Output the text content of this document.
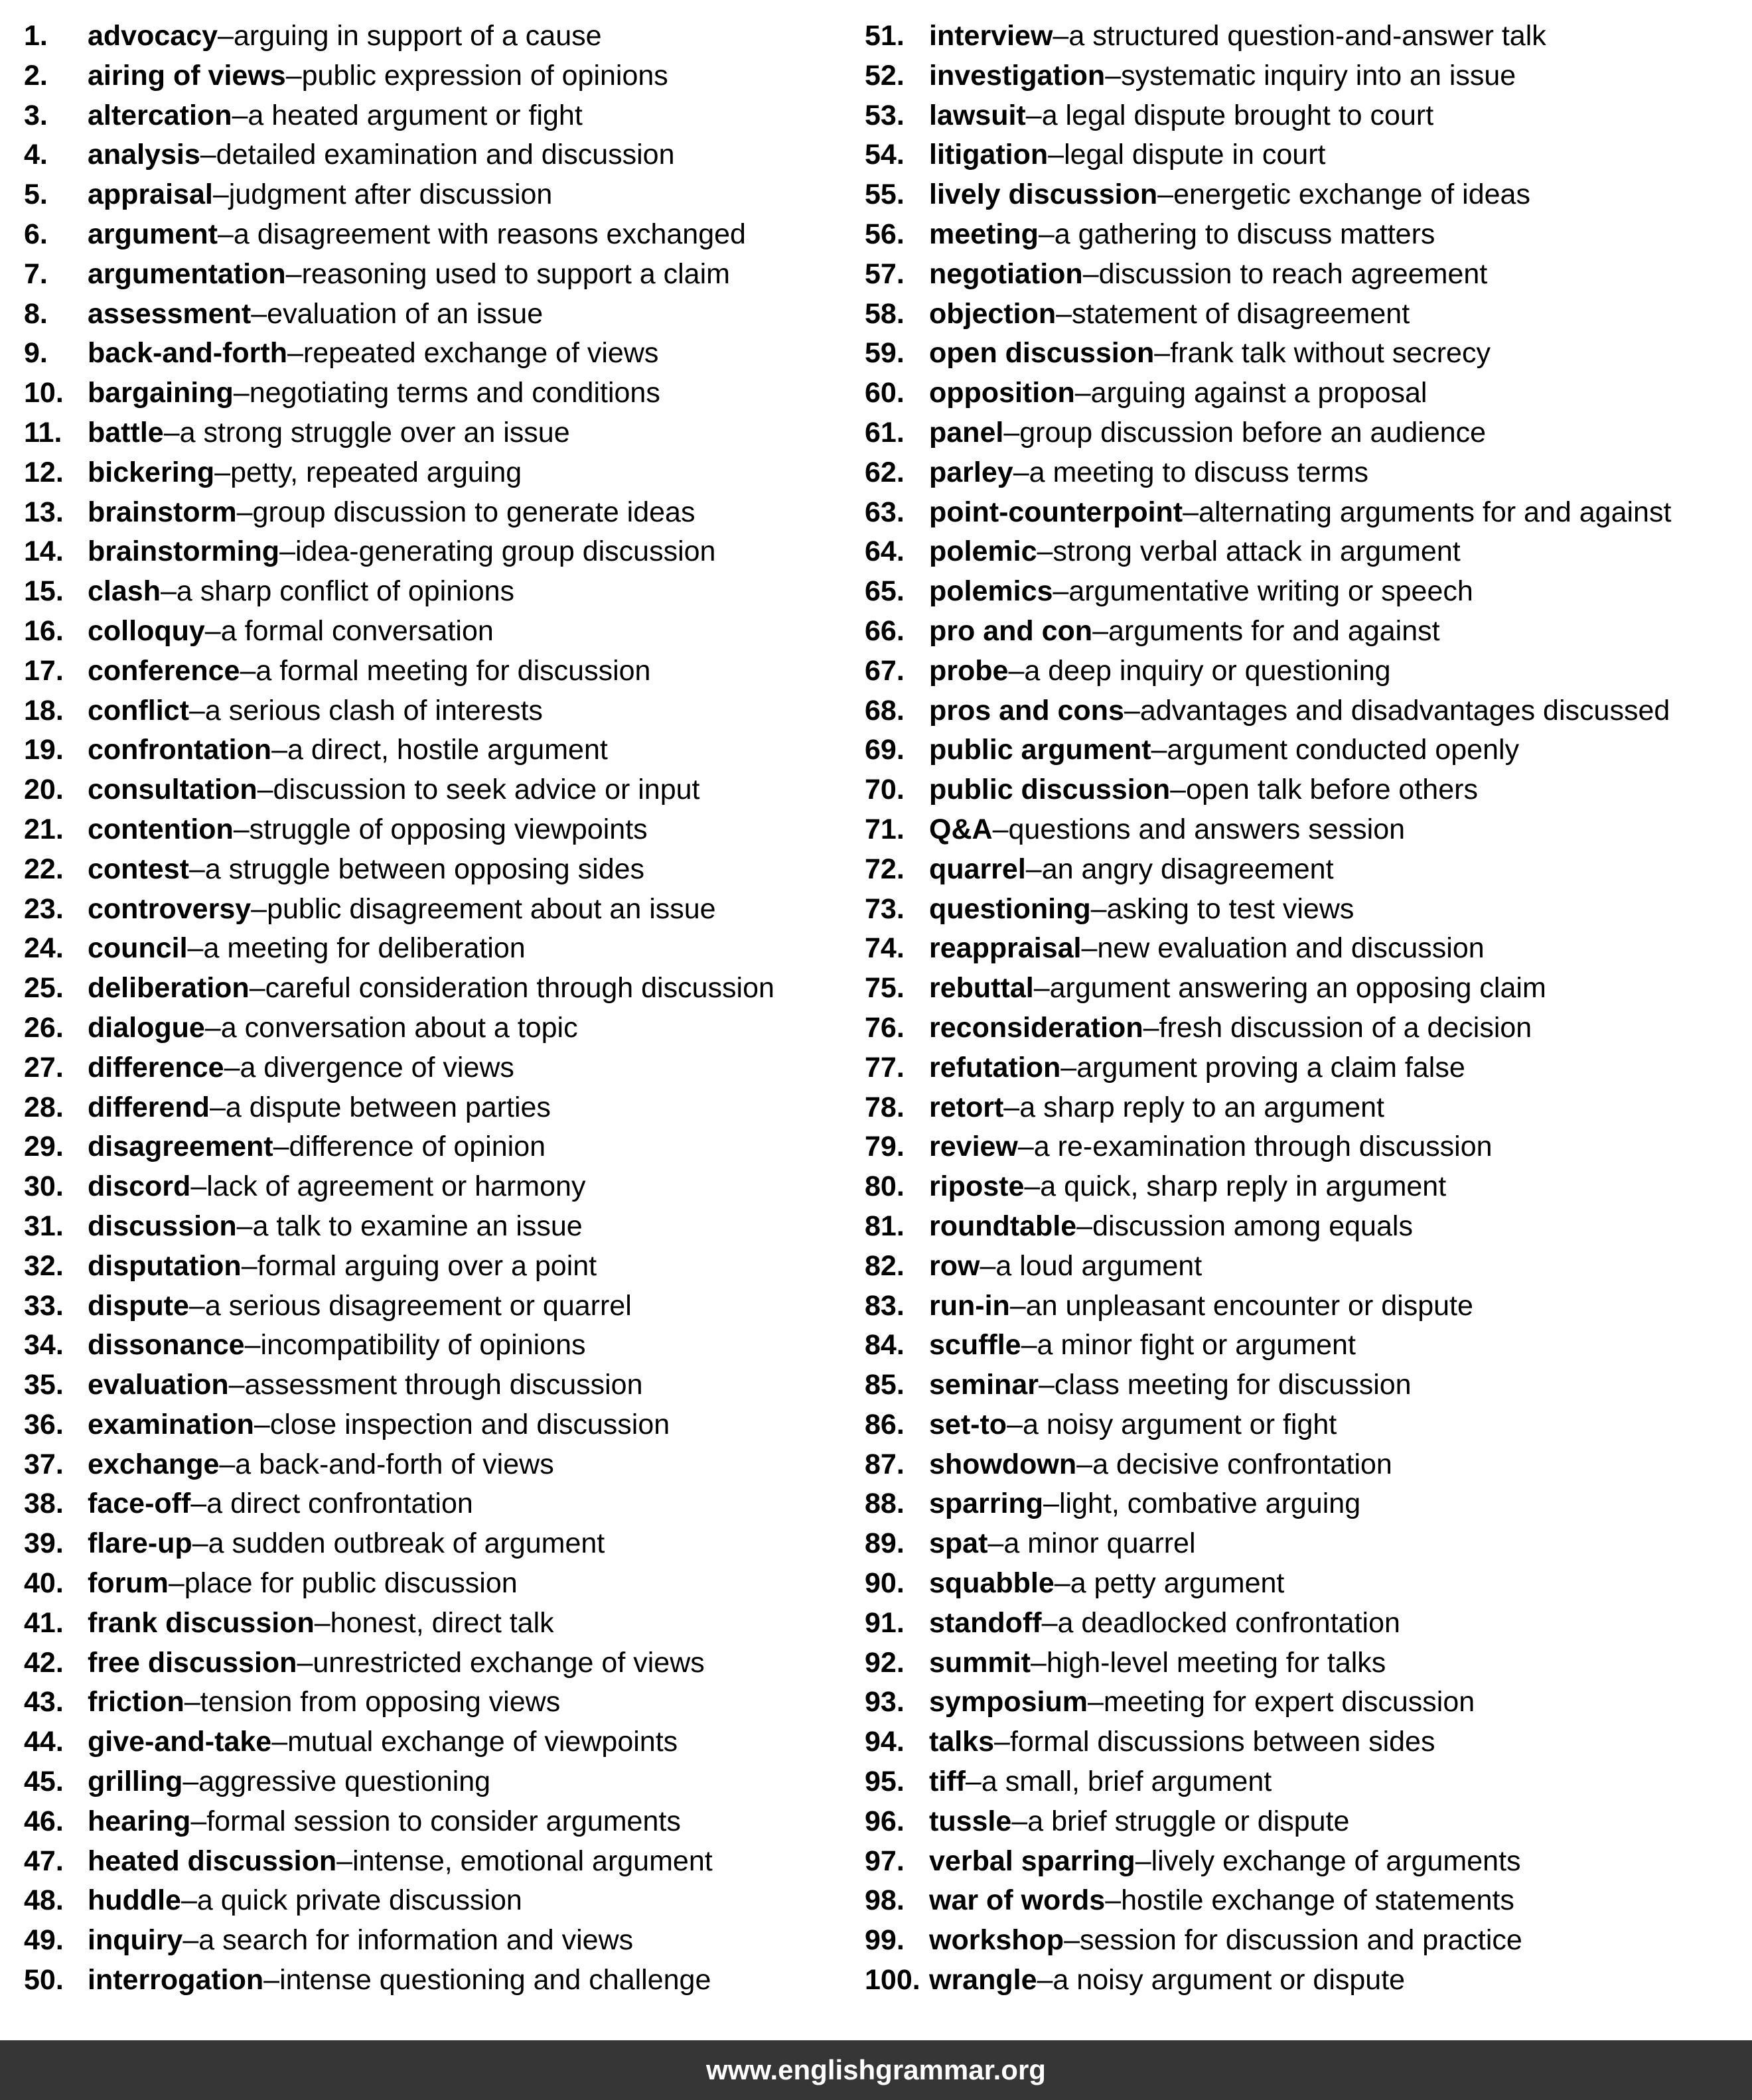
1.	advocacy – arguing in support of a cause
2.	airing of views – public expression of opinions
3.	altercation – a heated argument or fight
4.	analysis – detailed examination and discussion
5.	appraisal – judgment after discussion
6.	argument – a disagreement with reasons exchanged
7.	argumentation – reasoning used to support a claim
8.	assessment – evaluation of an issue
9.	back-and-forth – repeated exchange of views
10. bargaining – negotiating terms and conditions
11. battle – a strong struggle over an issue
12. bickering – petty, repeated arguing
13. brainstorm – group discussion to generate ideas
14. brainstorming – idea-generating group discussion
15. clash – a sharp conflict of opinions
16. colloquy – a formal conversation
17. conference – a formal meeting for discussion
18. conflict – a serious clash of interests
19. confrontation – a direct, hostile argument
20. consultation – discussion to seek advice or input
21. contention – struggle of opposing viewpoints
22. contest – a struggle between opposing sides
23. controversy – public disagreement about an issue
24. council – a meeting for deliberation
25. deliberation – careful consideration through discussion
26. dialogue – a conversation about a topic
27. difference – a divergence of views
28. differend – a dispute between parties
29. disagreement – difference of opinion
30. discord – lack of agreement or harmony
31. discussion – a talk to examine an issue
32. disputation – formal arguing over a point
33. dispute – a serious disagreement or quarrel
34. dissonance – incompatibility of opinions
35. evaluation – assessment through discussion
36. examination – close inspection and discussion
37. exchange – a back-and-forth of views
38. face-off – a direct confrontation
39. flare-up – a sudden outbreak of argument
40. forum – place for public discussion
41. frank discussion – honest, direct talk
42. free discussion – unrestricted exchange of views
43. friction – tension from opposing views
44. give-and-take – mutual exchange of viewpoints
45. grilling – aggressive questioning
46. hearing – formal session to consider arguments
47. heated discussion – intense, emotional argument
48. huddle – a quick private discussion
49. inquiry – a search for information and views
50. interrogation – intense questioning and challenge
51. interview – a structured question-and-answer talk
52. investigation – systematic inquiry into an issue
53. lawsuit – a legal dispute brought to court
54. litigation – legal dispute in court
55. lively discussion – energetic exchange of ideas
56. meeting – a gathering to discuss matters
57. negotiation – discussion to reach agreement
58. objection – statement of disagreement
59. open discussion – frank talk without secrecy
60. opposition – arguing against a proposal
61. panel – group discussion before an audience
62. parley – a meeting to discuss terms
63. point-counterpoint – alternating arguments for and against
64. polemic – strong verbal attack in argument
65. polemics – argumentative writing or speech
66. pro and con – arguments for and against
67. probe – a deep inquiry or questioning
68. pros and cons – advantages and disadvantages discussed
69. public argument – argument conducted openly
70. public discussion – open talk before others
71. Q&A – questions and answers session
72. quarrel – an angry disagreement
73. questioning – asking to test views
74. reappraisal – new evaluation and discussion
75. rebuttal – argument answering an opposing claim
76. reconsideration – fresh discussion of a decision
77. refutation – argument proving a claim false
78. retort – a sharp reply to an argument
79. review – a re-examination through discussion
80. riposte – a quick, sharp reply in argument
81. roundtable – discussion among equals
82. row – a loud argument
83. run-in – an unpleasant encounter or dispute
84. scuffle – a minor fight or argument
85. seminar – class meeting for discussion
86. set-to – a noisy argument or fight
87. showdown – a decisive confrontation
88. sparring – light, combative arguing
89. spat – a minor quarrel
90. squabble – a petty argument
91. standoff – a deadlocked confrontation
92. summit – high-level meeting for talks
93. symposium – meeting for expert discussion
94. talks – formal discussions between sides
95. tiff – a small, brief argument
96. tussle – a brief struggle or dispute
97. verbal sparring – lively exchange of arguments
98. war of words – hostile exchange of statements
99. workshop – session for discussion and practice
100. wrangle – a noisy argument or dispute
www.englishgrammar.org
